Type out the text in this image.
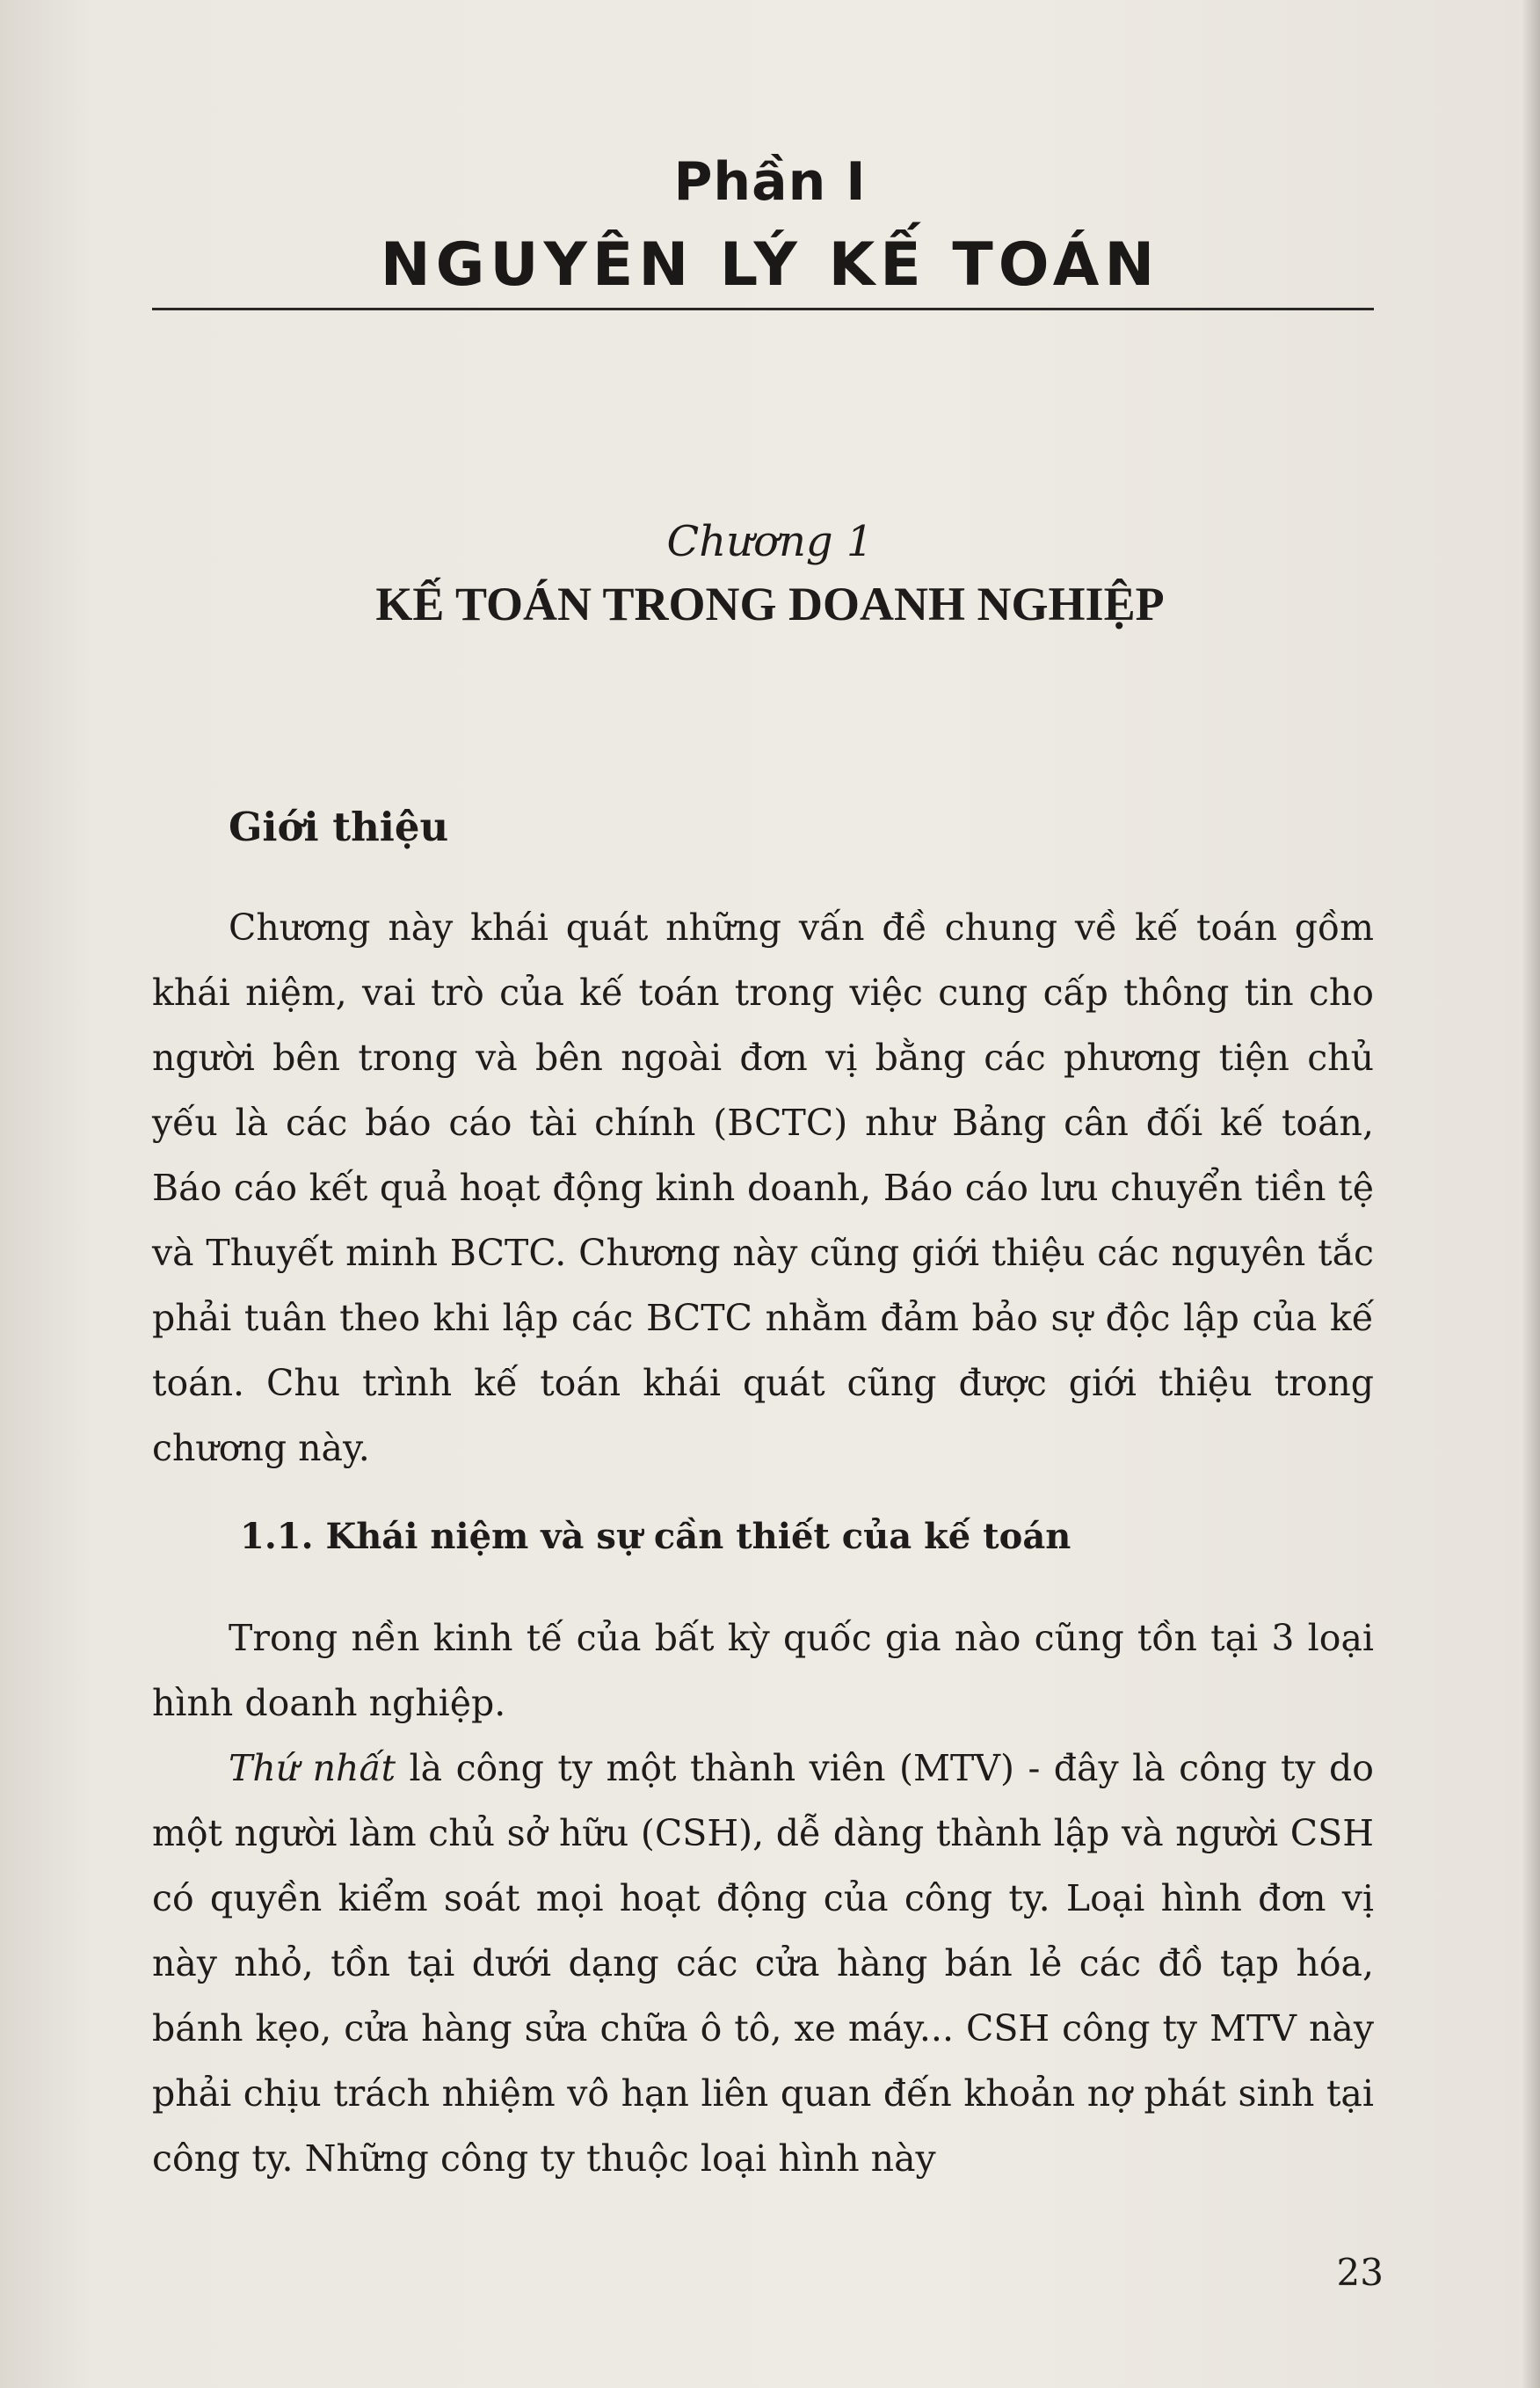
Phần I
NGUYÊN LÝ KẾ TOÁN
Chương 1
KẾ TOÁN TRONG DOANH NGHIỆP
Giới thiệu
Chương này khái quát những vấn đề chung về kế toán gồm khái niệm, vai trò của kế toán trong việc cung cấp thông tin cho người bên trong và bên ngoài đơn vị bằng các phương tiện chủ yếu là các báo cáo tài chính (BCTC) như Bảng cân đối kế toán, Báo cáo kết quả hoạt động kinh doanh, Báo cáo lưu chuyển tiền tệ và Thuyết minh BCTC. Chương này cũng giới thiệu các nguyên tắc phải tuân theo khi lập các BCTC nhằm đảm bảo sự độc lập của kế toán. Chu trình kế toán khái quát cũng được giới thiệu trong chương này.
1.1. Khái niệm và sự cần thiết của kế toán
Trong nền kinh tế của bất kỳ quốc gia nào cũng tồn tại 3 loại hình doanh nghiệp.
Thứ nhất là công ty một thành viên (MTV) - đây là công ty do một người làm chủ sở hữu (CSH), dễ dàng thành lập và người CSH có quyền kiểm soát mọi hoạt động của công ty. Loại hình đơn vị này nhỏ, tồn tại dưới dạng các cửa hàng bán lẻ các đồ tạp hóa, bánh kẹo, cửa hàng sửa chữa ô tô, xe máy... CSH công ty MTV này phải chịu trách nhiệm vô hạn liên quan đến khoản nợ phát sinh tại công ty. Những công ty thuộc loại hình này
23
